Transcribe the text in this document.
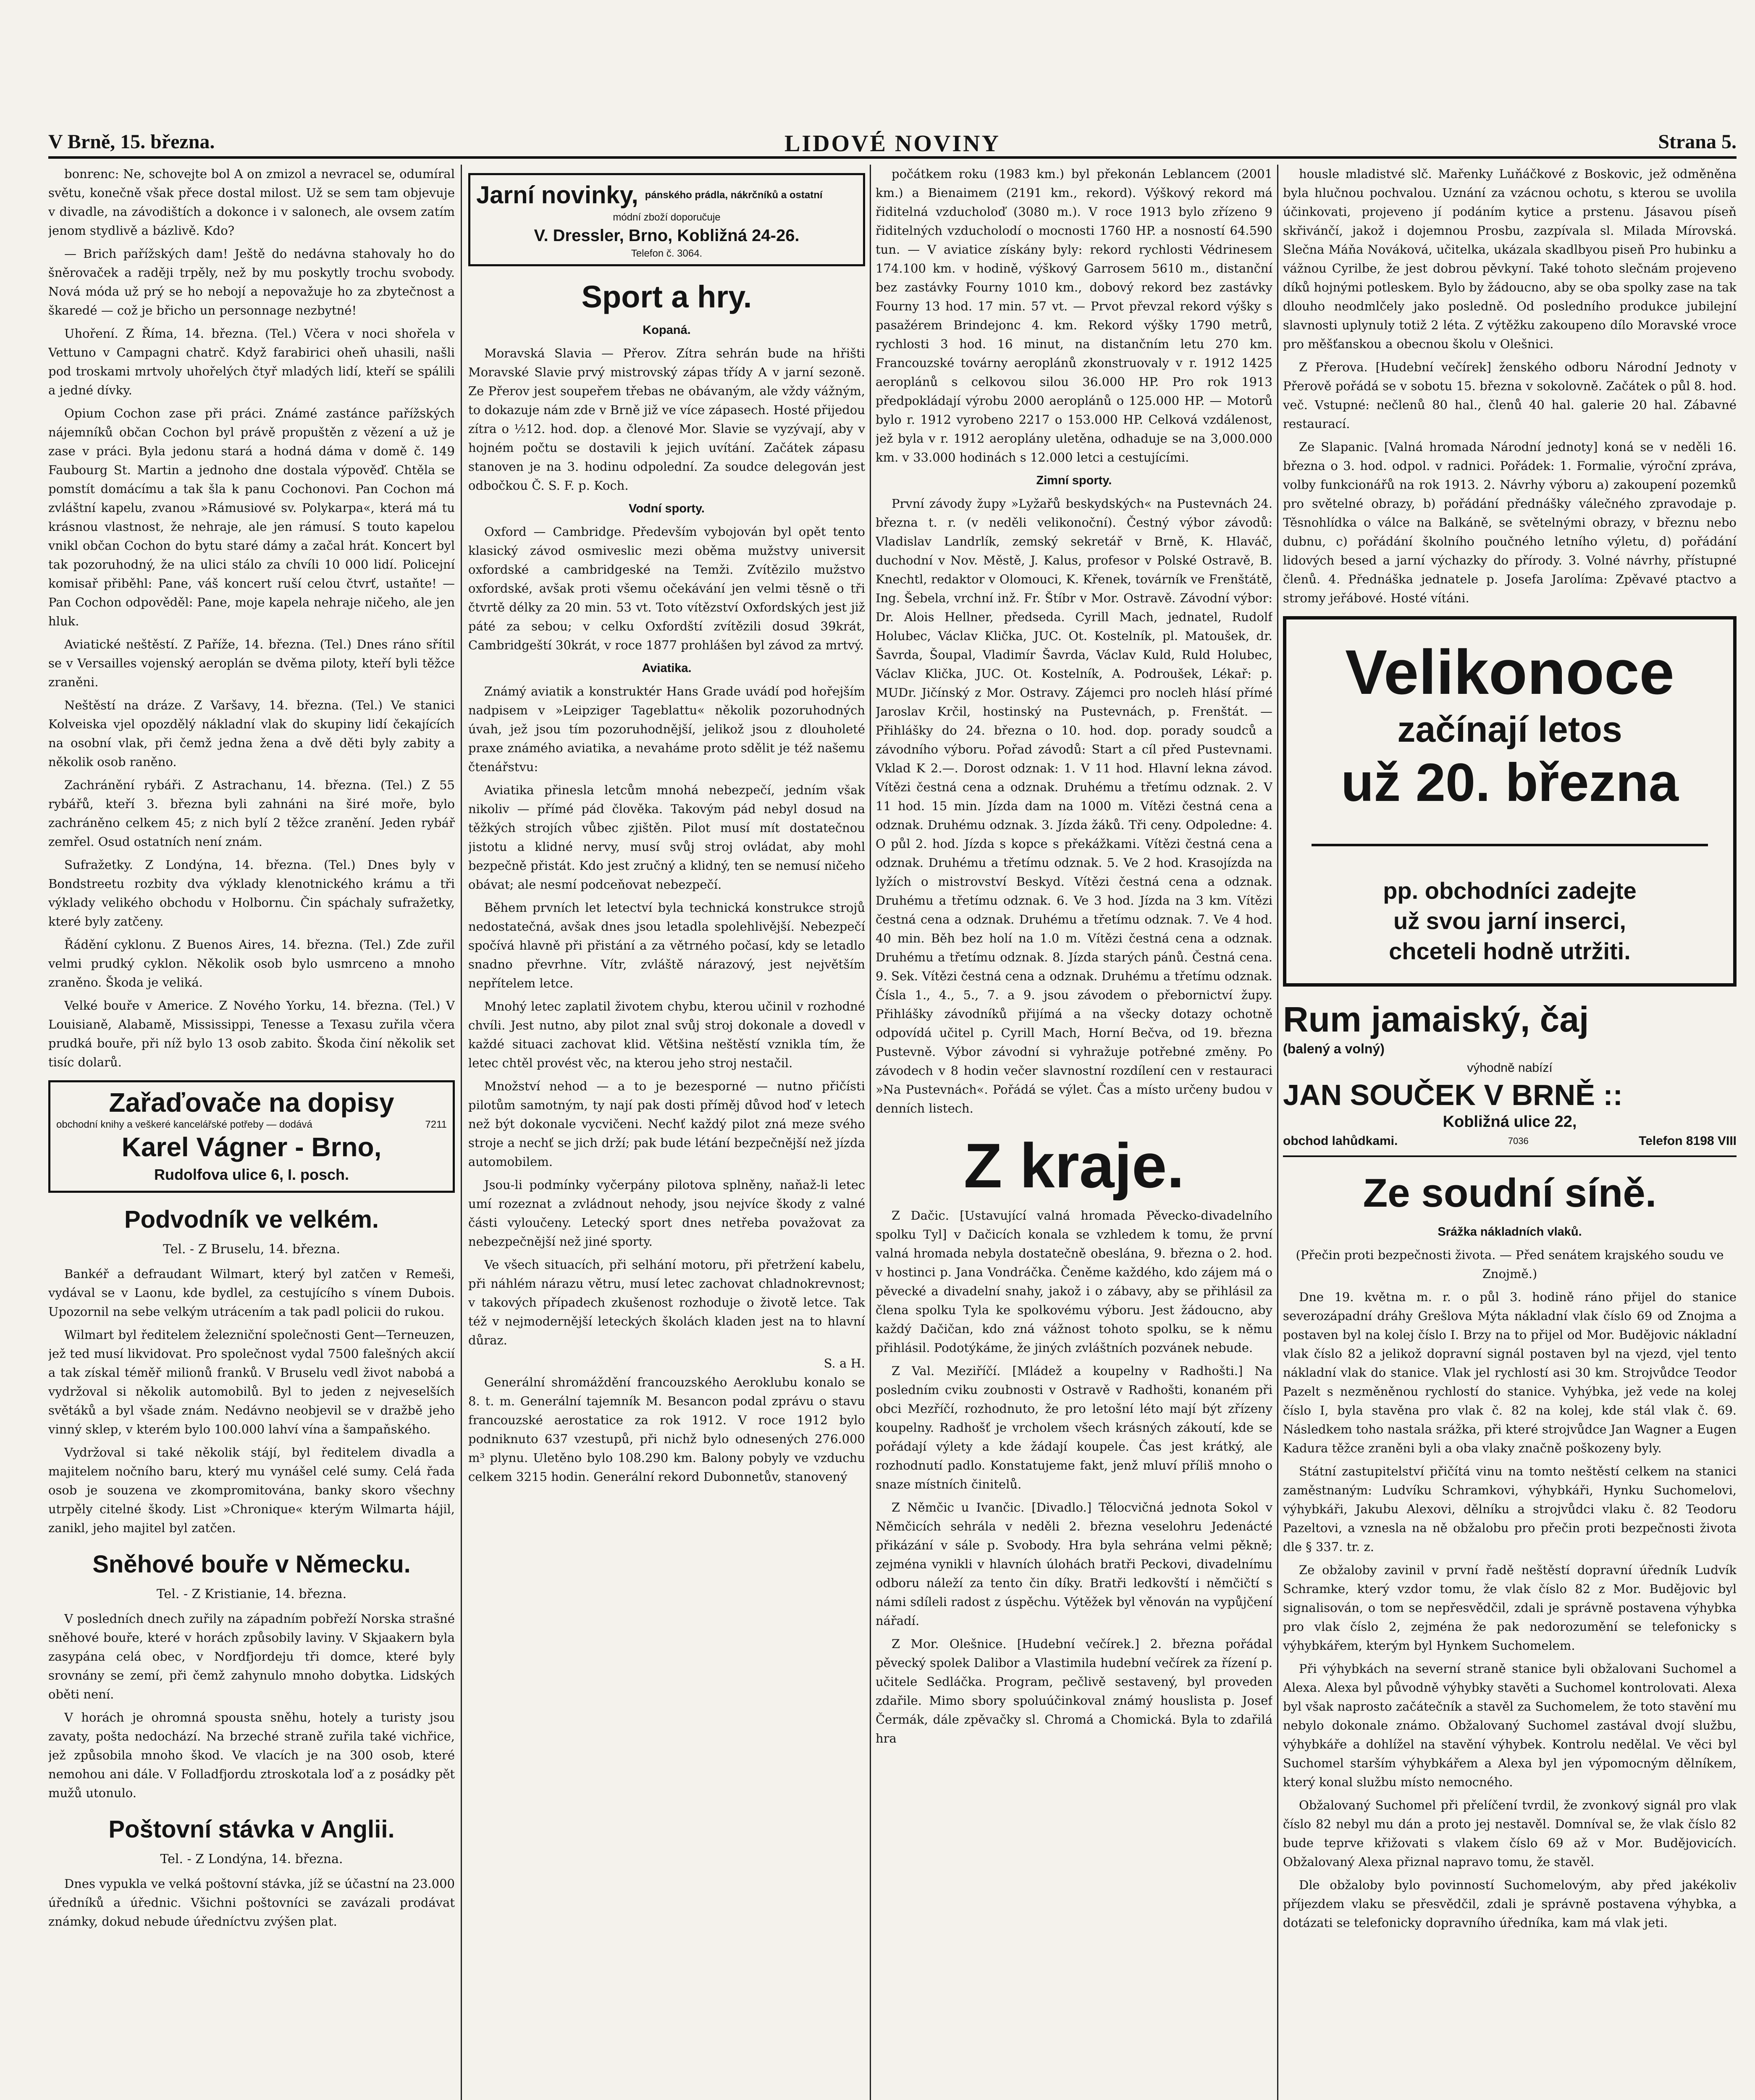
V Brně, 15. března.	LIDOVÉ NOVINY	Strana 5.

bonrenc: Ne, schovejte bol A on zmizol a nevracel se, odumíral světu, konečně však přece dostal milost. Už se sem tam objevuje v divadle, na závodištích a dokonce i v salonech, ale ovsem zatím jenom stydlivě a bázlivě. Kdo?

— Brich pařížských dam! Ještě do nedávna stahovaly ho do šněrovaček a raději trpěly, než by mu poskytly trochu svobody. Nová móda už prý se ho nebojí a nepovažuje ho za zbytečnost a škaredé — což je břicho un personnage nezbytné!

Uhoření. Z Říma, 14. března. (Tel.) Včera v noci shořela v Vettuno v Campagni chatrč. Když farabirici oheň uhasili, našli pod troskami mrtvoly uhořelých čtyř mladých lidí, kteří se spálili a jedné dívky.

Opium Cochon zase při práci. Známé zastánce pařížských nájemníků občan Cochon byl právě propuštěn z vězení a už je zase v práci. Byla jedonu stará a hodná dáma v domě č. 149 Faubourg St. Martin a jednoho dne dostala výpověď. Chtěla se pomstít domácímu a tak šla k panu Cochonovi. Pan Cochon má zvláštní kapelu, zvanou »Rámusiové sv. Polykarpa«, která má tu krásnou vlastnost, že nehraje, ale jen rámusí. S touto kapelou vnikl občan Cochon do bytu staré dámy a začal hrát. Koncert byl tak pozoruhodný, že na ulici stálo za chvíli 10 000 lidí. Policejní komisař přiběhl: Pane, váš koncert ruší celou čtvrť, ustaňte! — Pan Cochon odpověděl: Pane, moje kapela nehraje ničeho, ale jen hluk.

Aviatické neštěstí. Z Paříže, 14. března. (Tel.) Dnes ráno sřítil se v Versailles vojenský aeroplán se dvěma piloty, kteří byli těžce zraněni.

Neštěstí na dráze. Z Varšavy, 14. března. (Tel.) Ve stanici Kolveiska vjel opozdělý nákladní vlak do skupiny lidí čekajících na osobní vlak, při čemž jedna žena a dvě děti byly zabity a několik osob raněno.

Zachránění rybáři. Z Astrachanu, 14. března. (Tel.) Z 55 rybářů, kteří 3. března byli zahnáni na širé moře, bylo zachráněno celkem 45; z nich bylí 2 těžce zranění. Jeden rybář zemřel. Osud ostatních není znám.

Sufražetky. Z Londýna, 14. března. (Tel.) Dnes byly v Bondstreetu rozbity dva výklady klenotnického krámu a tři výklady velikého obchodu v Holbornu. Čin spáchaly sufražetky, které byly zatčeny.

Řádění cyklonu. Z Buenos Aires, 14. března. (Tel.) Zde zuřil velmi prudký cyklon. Několik osob bylo usmrceno a mnoho zraněno. Škoda je veliká.

Velké bouře v Americe. Z Nového Yorku, 14. března. (Tel.) V Louisianě, Alabamě, Mississippi, Tenesse a Texasu zuřila včera prudká bouře, při níž bylo 13 osob zabito. Škoda činí několik set tisíc dolarů.

Zařaďovače na dopisy
obchodní knihy a veškeré kancelářské potřeby — dodává	7211
Karel Vágner - Brno,
Rudolfova ulice 6, I. posch.
Podvodník ve velkém.
Tel. - Z Bruselu, 14. března.

Bankéř a defraudant Wilmart, který byl zatčen v Remeši, vydával se v Laonu, kde bydlel, za cestujícího s vínem Dubois. Upozornil na sebe velkým utrácením a tak padl policii do rukou.

Wilmart byl ředitelem železniční společnosti Gent—Terneuzen, jež ted musí likvidovat. Pro společnost vydal 7500 falešných akcií a tak získal téměř milionů franků. V Bruselu vedl život nabobá a vydržoval si několik automobilů. Byl to jeden z nejveselších světáků a byl všade znám. Nedávno neobjevil se v dražbě jeho vinný sklep, v kterém bylo 100.000 lahví vína a šampaňského.

Vydržoval si také několik stájí, byl ředitelem divadla a majitelem nočního baru, který mu vynášel celé sumy. Celá řada osob je souzena ve zkompromitována, banky skoro všechny utrpěly citelné škody. List »Chronique« kterým Wilmarta hájil, zanikl, jeho majitel byl zatčen.

Sněhové bouře v Německu.
Tel. - Z Kristianie, 14. března.

V posledních dnech zuřily na západním pobřeží Norska strašné sněhové bouře, které v horách způsobily laviny. V Skjaakern byla zasypána celá obec, v Nordfjordeju tři domce, které byly srovnány se zemí, při čemž zahynulo mnoho dobytka. Lidských oběti není.

V horách je ohromná spousta sněhu, hotely a turisty jsou zavaty, pošta nedochází. Na brzeché straně zuřila také vichřice, jež způsobila mnoho škod. Ve vlacích je na 300 osob, které nemohou ani dále. V Folladfjordu ztroskotala loď a z posádky pět mužů utonulo.

Poštovní stávka v Anglii.
Tel. - Z Londýna, 14. března.

Dnes vypukla ve velká poštovní stávka, jíž se účastní na 23.000 úředníků a úřednic. Všichni poštovníci se zavázali prodávat známky, dokud nebude úředníctvu zvýšen plat.

Jarní novinky, pánského prádla, nákrčníků a ostatní
módní zboží doporučuje
V. Dressler, Brno, Kobližná 24-26.
Telefon č. 3064.
Sport a hry.
Kopaná.

Moravská Slavia — Přerov. Zítra sehrán bude na hřišti Moravské Slavie prvý mistrovský zápas třídy A v jarní sezoně. Ze Přerov jest soupeřem třebas ne obávaným, ale vždy vážným, to dokazuje nám zde v Brně již ve více zápasech. Hosté přijedou zítra o ½12. hod. dop. a členové Mor. Slavie se vyzývají, aby v hojném počtu se dostavili k jejich uvítání. Začátek zápasu stanoven je na 3. hodinu odpolední. Za soudce delegován jest odbočkou Č. S. F. p. Koch.

Vodní sporty.

Oxford — Cambridge. Především vybojován byl opět tento klasický závod osmiveslic mezi oběma mužstvy universit oxfordské a cambridgeské na Temži. Zvítězilo mužstvo oxfordské, avšak proti všemu očekávání jen velmi těsně o tři čtvrtě délky za 20 min. 53 vt. Toto vítězství Oxfordských jest již páté za sebou; v celku Oxfordští zvítězili dosud 39krát, Cambridgeští 30krát, v roce 1877 prohlášen byl závod za mrtvý.

Aviatika.

Známý aviatik a konstruktér Hans Grade uvádí pod hořejším nadpisem v »Leipziger Tageblattu« několik pozoruhodných úvah, jež jsou tím pozoruhodnější, jelikož jsou z dlouholeté praxe známého aviatika, a nevaháme proto sdělit je též našemu čtenářstvu:

Aviatika přinesla letcům mnohá nebezpečí, jedním však nikoliv — přímé pád člověka. Takovým pád nebyl dosud na těžkých strojích vůbec zjištěn. Pilot musí mít dostatečnou jistotu a klidné nervy, musí svůj stroj ovládat, aby mohl bezpečně přistát. Kdo jest zručný a klidný, ten se nemusí ničeho obávat; ale nesmí podceňovat nebezpečí.

Během prvních let letectví byla technická konstrukce strojů nedostatečná, avšak dnes jsou letadla spolehlivější. Nebezpečí spočívá hlavně při přistání a za větrného počasí, kdy se letadlo snadno převrhne. Vítr, zvláště nárazový, jest největším nepřítelem letce.

Mnohý letec zaplatil životem chybu, kterou učinil v rozhodné chvíli. Jest nutno, aby pilot znal svůj stroj dokonale a dovedl v každé situaci zachovat klid. Většina neštěstí vznikla tím, že letec chtěl provést věc, na kterou jeho stroj nestačil.

Množství nehod — a to je bezesporné — nutno přičísti pilotům samotným, ty nají pak dosti příměj důvod hoď v letech než být dokonale vycvičeni. Nechť každý pilot zná meze svého stroje a nechť se jich drží; pak bude létání bezpečnější než jízda automobilem.

Jsou-li podmínky vyčerpány pilotova splněny, naňaž-li letec umí rozeznat a zvládnout nehody, jsou nejvíce škody z valné části vyloučeny. Letecký sport dnes netřeba považovat za nebezpečnější než jiné sporty.

Ve všech situacích, při selhání motoru, při přetržení kabelu, při náhlém nárazu větru, musí letec zachovat chladnokrevnost; v takových případech zkušenost rozhoduje o životě letce. Tak též v nejmodernější leteckých školách kladen jest na to hlavní důraz.

S. a H.

Generální shromáždění francouzského Aeroklubu konalo se 8. t. m. Generální tajemník M. Besancon podal zprávu o stavu francouzské aerostatice za rok 1912. V roce 1912 bylo podniknuto 637 vzestupů, při nichž bylo odnesených 276.000 m³ plynu. Uletěno bylo 108.290 km. Balony pobyly ve vzduchu celkem 3215 hodin. Generální rekord Dubonnetův, stanovený

počátkem roku (1983 km.) byl překonán Leblancem (2001 km.) a Bienaimem (2191 km., rekord). Výškový rekord má řiditelná vzducholoď (3080 m.). V roce 1913 bylo zřízeno 9 řiditelných vzducholodí o mocnosti 1760 HP. a nosností 64.590 tun. — V aviatice získány byly: rekord rychlosti Védrinesem 174.100 km. v hodině, výškový Garrosem 5610 m., distanční bez zastávky Fourny 1010 km., dobový rekord bez zastávky Fourny 13 hod. 17 min. 57 vt. — Prvot převzal rekord výšky s pasažérem Brindejonc 4. km. Rekord výšky 1790 metrů, rychlosti 3 hod. 16 minut, na distančním letu 270 km. Francouzské továrny aeroplánů zkonstruovaly v r. 1912 1425 aeroplánů s celkovou silou 36.000 HP. Pro rok 1913 předpokládají výrobu 2000 aeroplánů o 125.000 HP. — Motorů bylo r. 1912 vyrobeno 2217 o 153.000 HP. Celková vzdálenost, jež byla v r. 1912 aeroplány uletěna, odhaduje se na 3,000.000 km. v 33.000 hodinách s 12.000 letci a cestujícími.

Zimní sporty.

První závody župy »Lyžařů beskydských« na Pustevnách 24. března t. r. (v neděli velikonoční). Čestný výbor závodů: Vladislav Landrlík, zemský sekretář v Brně, K. Hlaváč, duchodní v Nov. Městě, J. Kalus, profesor v Polské Ostravě, B. Knechtl, redaktor v Olomouci, K. Křenek, továrník ve Frenštátě, Ing. Šebela, vrchní inž. Fr. Štíbr v Mor. Ostravě. Závodní výbor: Dr. Alois Hellner, předseda. Cyrill Mach, jednatel, Rudolf Holubec, Václav Klička, JUC. Ot. Kostelník, pl. Matoušek, dr. Šavrda, Šoupal, Vladimír Šavrda, Václav Kuld, Ruld Holubec, Václav Klička, JUC. Ot. Kostelník, A. Podroušek, Lékař: p. MUDr. Jičínský z Mor. Ostravy. Zájemci pro nocleh hlásí přímé Jaroslav Krčil, hostinský na Pustevnách, p. Frenštát. — Přihlášky do 24. března o 10. hod. dop. porady soudců a závodního výboru. Pořad závodů: Start a cíl před Pustevnami. Vklad K 2.—. Dorost odznak: 1. V 11 hod. Hlavní lekna závod. Vítězi čestná cena a odznak. Druhému a třetímu odznak. 2. V 11 hod. 15 min. Jízda dam na 1000 m. Vítězi čestná cena a odznak. Druhému odznak. 3. Jízda žáků. Tři ceny. Odpoledne: 4. O půl 2. hod. Jízda s kopce s překážkami. Vítězi čestná cena a odznak. Druhému a třetímu odznak. 5. Ve 2 hod. Krasojízda na lyžích o mistrovství Beskyd. Vítězi čestná cena a odznak. Druhému a třetímu odznak. 6. Ve 3 hod. Jízda na 3 km. Vítězi čestná cena a odznak. Druhému a třetímu odznak. 7. Ve 4 hod. 40 min. Běh bez holí na 1.0 m. Vítězi čestná cena a odznak. Druhému a třetímu odznak. 8. Jízda starých pánů. Čestná cena. 9. Sek. Vítězi čestná cena a odznak. Druhému a třetímu odznak. Čísla 1., 4., 5., 7. a 9. jsou závodem o přebornictví župy. Přihlášky závodníků přijímá a na všecky dotazy ochotně odpovídá učitel p. Cyrill Mach, Horní Bečva, od 19. března Pustevně. Výbor závodní si vyhražuje potřebné změny. Po závodech v 8 hodin večer slavnostní rozdílení cen v restauraci »Na Pustevnách«. Pořádá se výlet. Čas a místo určeny budou v denních listech.

Z kraje.

Z Dačic. [Ustavující valná hromada Pěvecko-divadelního spolku Tyl] v Dačicích konala se vzhledem k tomu, že první valná hromada nebyla dostatečně obeslána, 9. března o 2. hod. v hostinci p. Jana Vondráčka. Čeněme každého, kdo zájem má o pěvecké a divadelní snahy, jakož i o zábavy, aby se přihlásil za člena spolku Tyla ke spolkovému výboru. Jest žádoucno, aby každý Dačičan, kdo zná vážnost tohoto spolku, se k němu přihlásil. Podotýkáme, že jiných zvláštních pozvánek nebude.

Z Val. Meziříčí. [Mládež a koupelny v Radhošti.] Na posledním cviku zoubnosti v Ostravě v Radhošti, konaném při obci Mezříčí, rozhodnuto, že pro letošní léto mají být zřízeny koupelny. Radhošť je vrcholem všech krásných zákoutí, kde se pořádají výlety a kde žádají koupele. Čas jest krátký, ale rozhodnutí padlo. Konstatujeme fakt, jenž mluví příliš mnoho o snaze místních činitelů.

Z Němčic u Ivančic. [Divadlo.] Tělocvičná jednota Sokol v Němčicích sehrála v neděli 2. března veselohru Jedenácté přikázání v sále p. Svobody. Hra byla sehrána velmi pěkně; zejména vynikli v hlavních úlohách bratři Peckovi, divadelnímu odboru náleží za tento čin díky. Bratři ledkovští i němčičtí s námi sdíleli radost z úspěchu. Výtěžek byl věnován na vypůjčení nářadí.

Z Mor. Olešnice. [Hudební večírek.] 2. března pořádal pěvecký spolek Dalibor a Vlastimila hudební večírek za řízení p. učitele Sedláčka. Program, pečlivě sestavený, byl proveden zdařile. Mimo sbory spoluúčinkoval známý houslista p. Josef Čermák, dále zpěvačky sl. Chromá a Chomická. Byla to zdařilá hra

housle mladistvé slč. Mařenky Luňáčkové z Boskovic, jež odměněna byla hlučnou pochvalou. Uznání za vzácnou ochotu, s kterou se uvolila účinkovati, projeveno jí podáním kytice a prstenu. Jásavou píseň skřivánčí, jakož i dojemnou Prosbu, zazpívala sl. Milada Mírovská. Slečna Máňa Nováková, učitelka, ukázala skadlbyou piseň Pro hubinku a vážnou Cyrilbe, že jest dobrou pěvkyní. Také tohoto slečnám projeveno díků hojnými potleskem. Bylo by žádoucno, aby se oba spolky zase na tak dlouho neodmlčely jako posledně. Od posledního produkce jubilejní slavnosti uplynuly totiž 2 léta. Z výtěžku zakoupeno dílo Moravské vroce pro měšťanskou a obecnou školu v Olešnici.

Z Přerova. [Hudební večírek] ženského odboru Národní Jednoty v Přerově pořádá se v sobotu 15. března v sokolovně. Začátek o půl 8. hod. več. Vstupné: nečlenů 80 hal., členů 40 hal. galerie 20 hal. Zábavné restaurací.

Ze Slapanic. [Valná hromada Národní jednoty] koná se v neděli 16. března o 3. hod. odpol. v radnici. Pořádek: 1. Formalie, výroční zpráva, volby funkcionářů na rok 1913. 2. Návrhy výboru a) zakoupení pozemků pro světelné obrazy, b) pořádání přednášky válečného zpravodaje p. Těsnohlídka o válce na Balkáně, se světelnými obrazy, v březnu nebo dubnu, c) pořádání školního poučného letního výletu, d) pořádání lidových besed a jarní výchazky do přírody. 3. Volné návrhy, přístupné členů. 4. Přednáška jednatele p. Josefa Jarolíma: Zpěvavé ptactvo a stromy jeřábové. Hosté vítáni.

Velikonoce
začínají letos
už 20. března
pp. obchodníci zadejte
už svou jarní inserci,
chceteli hodně utržiti.
Rum jamaiský, čaj
(balený a volný)
výhodně nabízí
JAN SOUČEK V BRNĚ ::
Kobližná ulice 22,
obchod lahůdkami.	7036	Telefon 8198 VIII
Ze soudní síně.
Srážka nákladních vlaků.
(Přečin proti bezpečnosti života. — Před senátem krajského soudu ve Znojmě.)

Dne 19. května m. r. o půl 3. hodině ráno přijel do stanice severozápadní dráhy Grešlova Mýta nákladní vlak číslo 69 od Znojma a postaven byl na kolej číslo I. Brzy na to přijel od Mor. Budějovic nákladní vlak číslo 82 a jelikož dopravní signál postaven byl na vjezd, vjel tento nákladní vlak do stanice. Vlak jel rychlostí asi 30 km. Strojvůdce Teodor Pazelt s nezměněnou rychlostí do stanice. Vyhýbka, jež vede na kolej číslo I, byla stavěna pro vlak č. 82 na kolej, kde stál vlak č. 69. Následkem toho nastala srážka, při které strojvůdce Jan Wagner a Eugen Kadura těžce zraněni byli a oba vlaky značně poškozeny byly.

Státní zastupitelství přičítá vinu na tomto neštěstí celkem na stanici zaměstnaným: Ludvíku Schramkovi, výhybkáři, Hynku Suchomelovi, výhybkáři, Jakubu Alexovi, dělníku a strojvůdci vlaku č. 82 Teodoru Pazeltovi, a vznesla na ně obžalobu pro přečin proti bezpečnosti života dle § 337. tr. z.

Ze obžaloby zavinil v první řadě neštěstí dopravní úředník Ludvík Schramke, který vzdor tomu, že vlak číslo 82 z Mor. Budějovic byl signalisován, o tom se nepřesvědčil, zdali je správně postavena výhybka pro vlak číslo 2, zejména že pak nedorozumění se telefonicky s výhybkářem, kterým byl Hynkem Suchomelem.

Při výhybkách na severní straně stanice byli obžalovani Suchomel a Alexa. Alexa byl původně výhybky stavěti a Suchomel kontrolovati. Alexa byl však naprosto začátečník a stavěl za Suchomelem, že toto stavění mu nebylo dokonale známo. Obžalovaný Suchomel zastával dvojí službu, výhybkáře a dohlížel na stavění výhybek. Kontrolu nedělal. Ve věci byl Suchomel starším výhybkářem a Alexa byl jen výpomocným dělníkem, který konal službu místo nemocného.

Obžalovaný Suchomel při přelíčení tvrdil, že zvonkový signál pro vlak číslo 82 nebyl mu dán a proto jej nestavěl. Domníval se, že vlak číslo 82 bude teprve křižovati s vlakem číslo 69 až v Mor. Budějovicích. Obžalovaný Alexa přiznal napravo tomu, že stavěl.

Dle obžaloby bylo povinností Suchomelovým, aby před jakékoliv příjezdem vlaku se přesvědčil, zdali je správně postavena výhybka, a dotázati se telefonicky dopravního úředníka, kam má vlak jeti.
